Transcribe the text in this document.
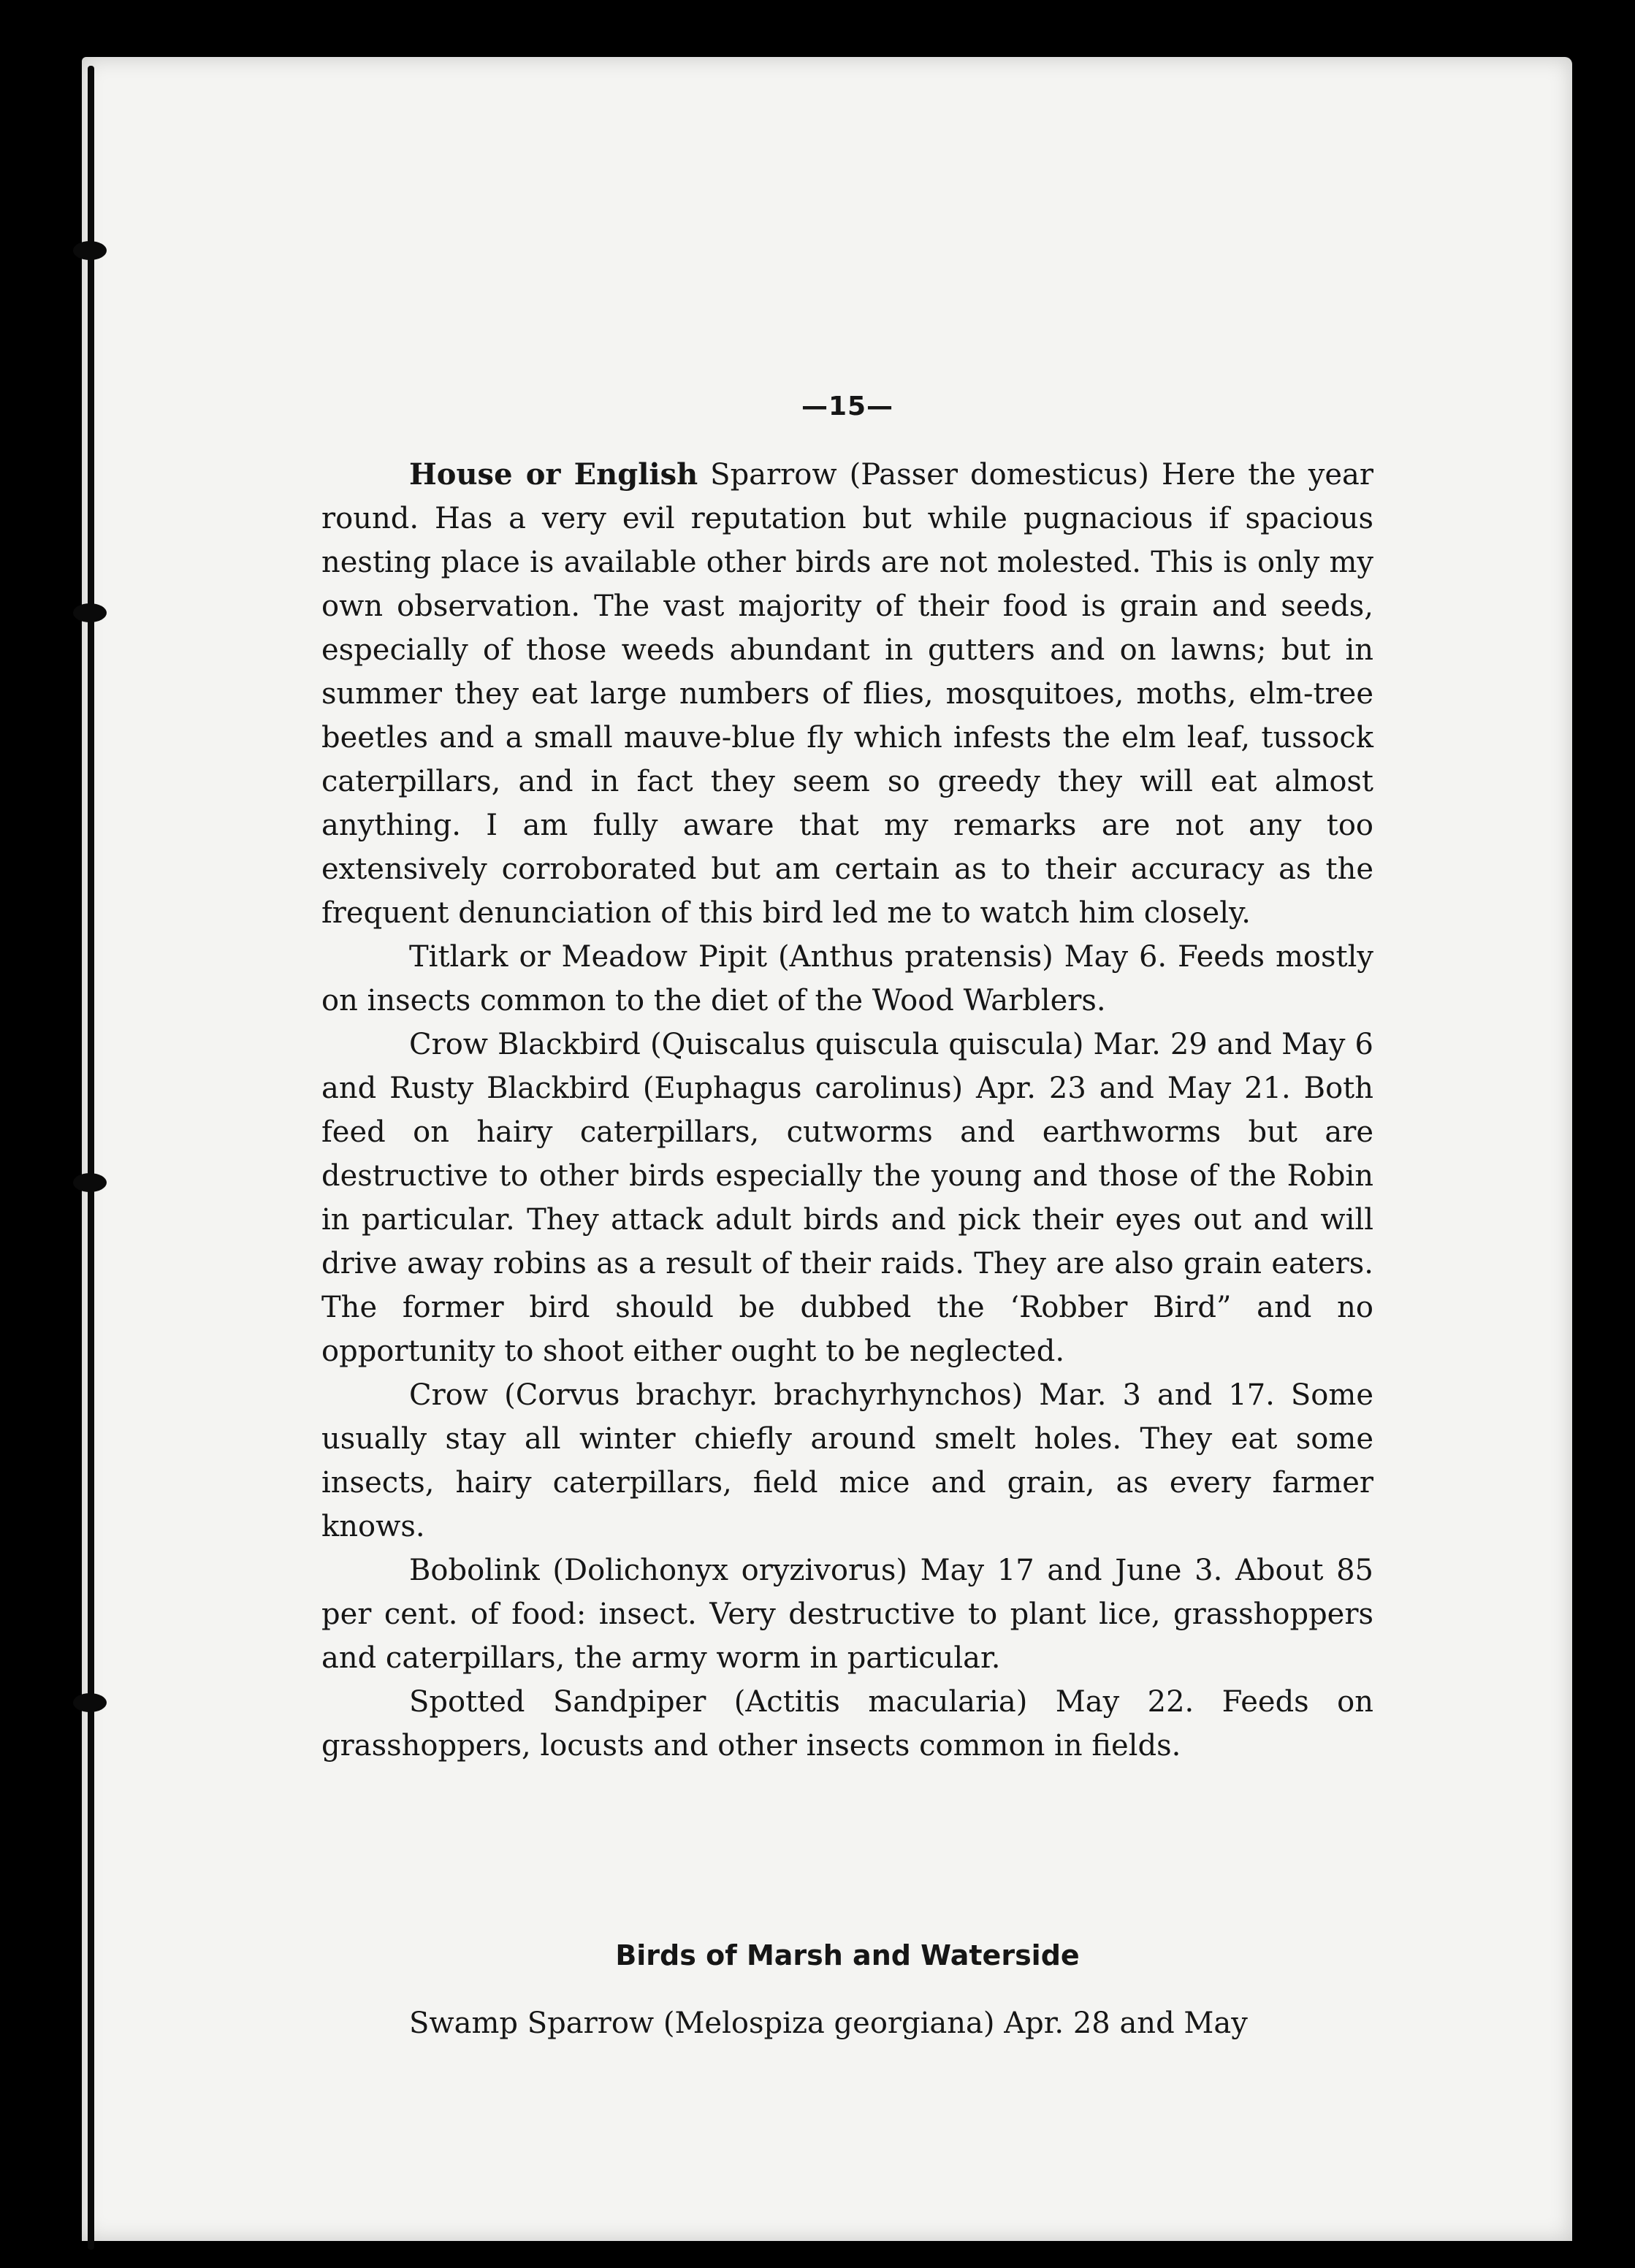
—15—

House or English Sparrow (Passer domesticus) Here the year round. Has a very evil reputation but while pugnacious if spacious nesting place is available other birds are not molested. This is only my own observation. The vast majority of their food is grain and seeds, especially of those weeds abundant in gutters and on lawns; but in summer they eat large numbers of flies, mosquitoes, moths, elm-tree beetles and a small mauve-blue fly which infests the elm leaf, tussock caterpillars, and in fact they seem so greedy they will eat almost anything. I am fully aware that my remarks are not any too extensively corroborated but am certain as to their accuracy as the frequent denunciation of this bird led me to watch him closely.

Titlark or Meadow Pipit (Anthus pratensis) May 6. Feeds mostly on insects common to the diet of the Wood Warblers.

Crow Blackbird (Quiscalus quiscula quiscula) Mar. 29 and May 6 and Rusty Blackbird (Euphagus carolinus) Apr. 23 and May 21. Both feed on hairy caterpillars, cutworms and earthworms but are destructive to other birds especially the young and those of the Robin in particular. They attack adult birds and pick their eyes out and will drive away robins as a result of their raids. They are also grain eaters. The former bird should be dubbed the ‘Robber Bird” and no opportunity to shoot either ought to be neglected.

Crow (Corvus brachyr. brachyrhynchos) Mar. 3 and 17. Some usually stay all winter chiefly around smelt holes. They eat some insects, hairy caterpillars, field mice and grain, as every farmer knows.

Bobolink (Dolichonyx oryzivorus) May 17 and June 3. About 85 per cent. of food: insect. Very destructive to plant lice, grasshoppers and caterpillars, the army worm in particular.

Spotted Sandpiper (Actitis macularia) May 22. Feeds on grasshoppers, locusts and other insects common in fields.

Birds of Marsh and Waterside

Swamp Sparrow (Melospiza georgiana) Apr. 28 and May
